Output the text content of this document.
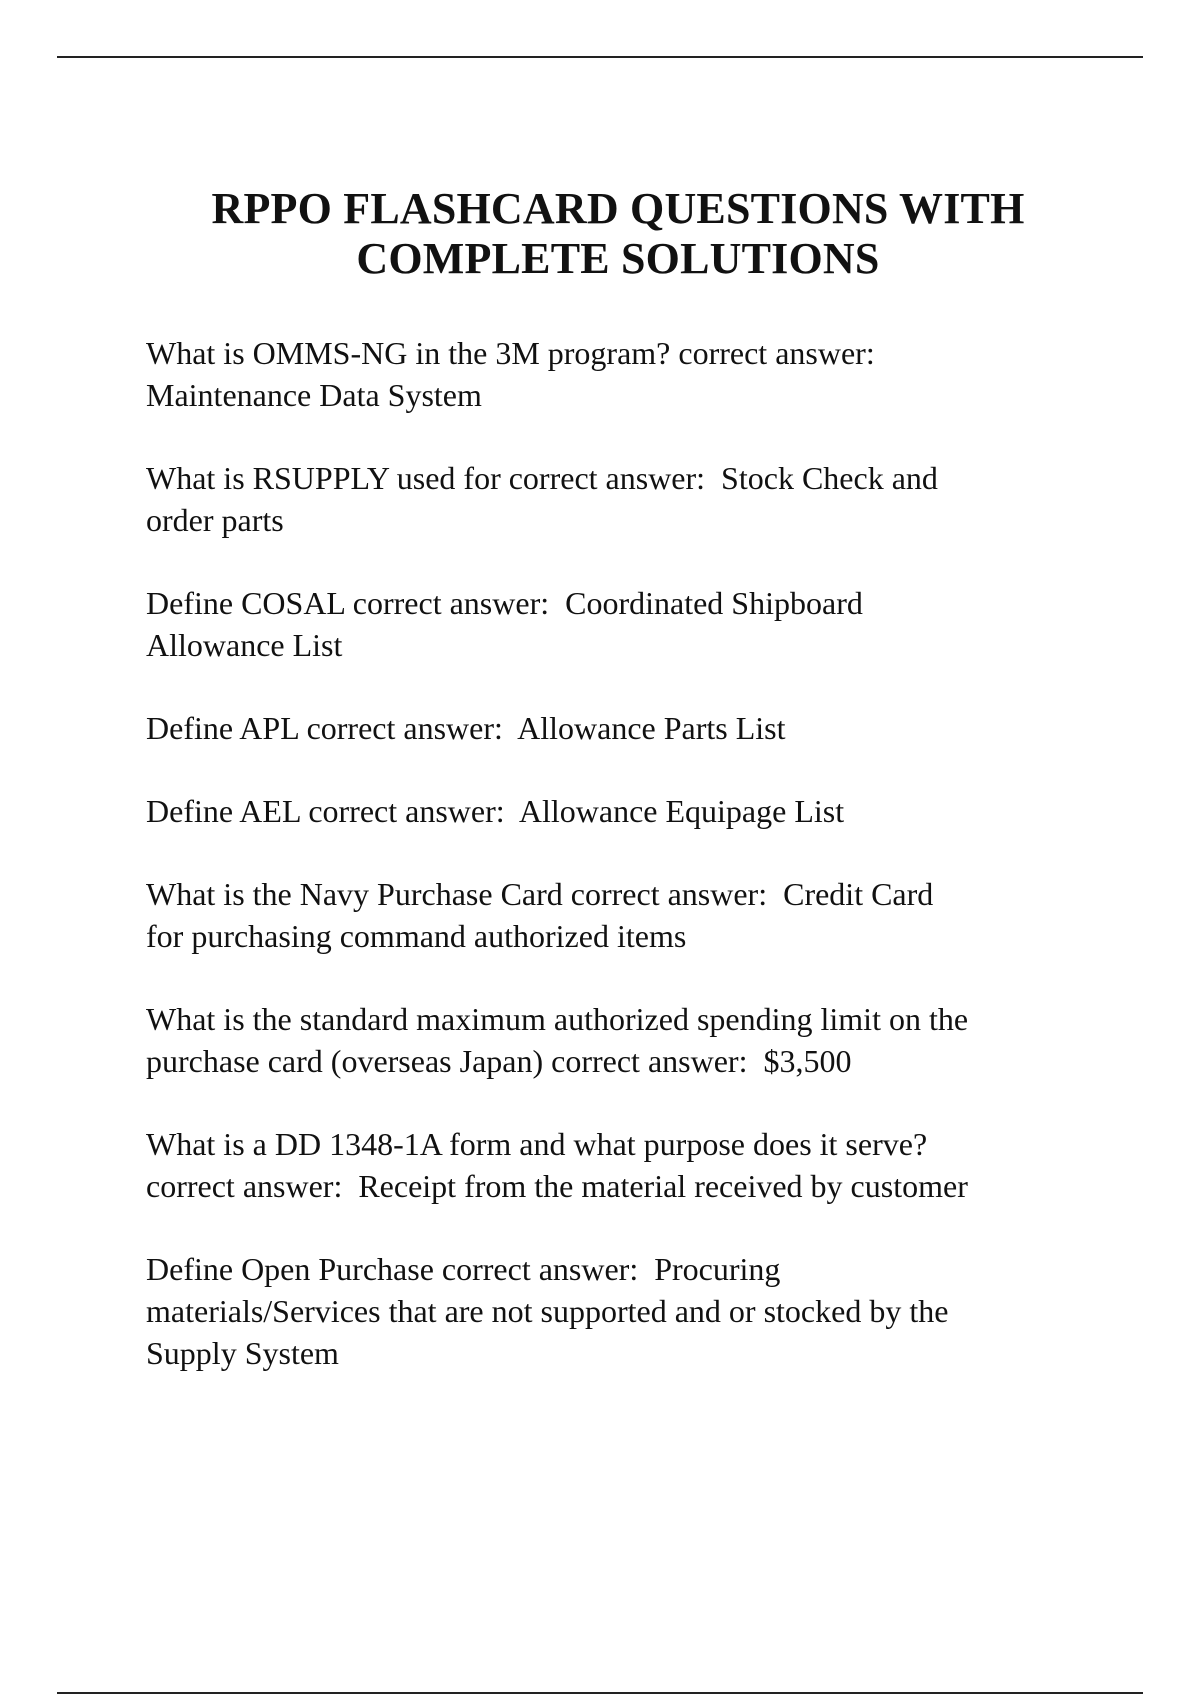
RPPO FLASHCARD QUESTIONS WITH
COMPLETE SOLUTIONS
What is OMMS-NG in the 3M program? correct answer:
Maintenance Data System
What is RSUPPLY used for correct answer:  Stock Check and
order parts
Define COSAL correct answer:  Coordinated Shipboard
Allowance List
Define APL correct answer:  Allowance Parts List
Define AEL correct answer:  Allowance Equipage List
What is the Navy Purchase Card correct answer:  Credit Card
for purchasing command authorized items
What is the standard maximum authorized spending limit on the
purchase card (overseas Japan) correct answer:  $3,500
What is a DD 1348-1A form and what purpose does it serve?
correct answer:  Receipt from the material received by customer
Define Open Purchase correct answer:  Procuring
materials/Services that are not supported and or stocked by the
Supply System
